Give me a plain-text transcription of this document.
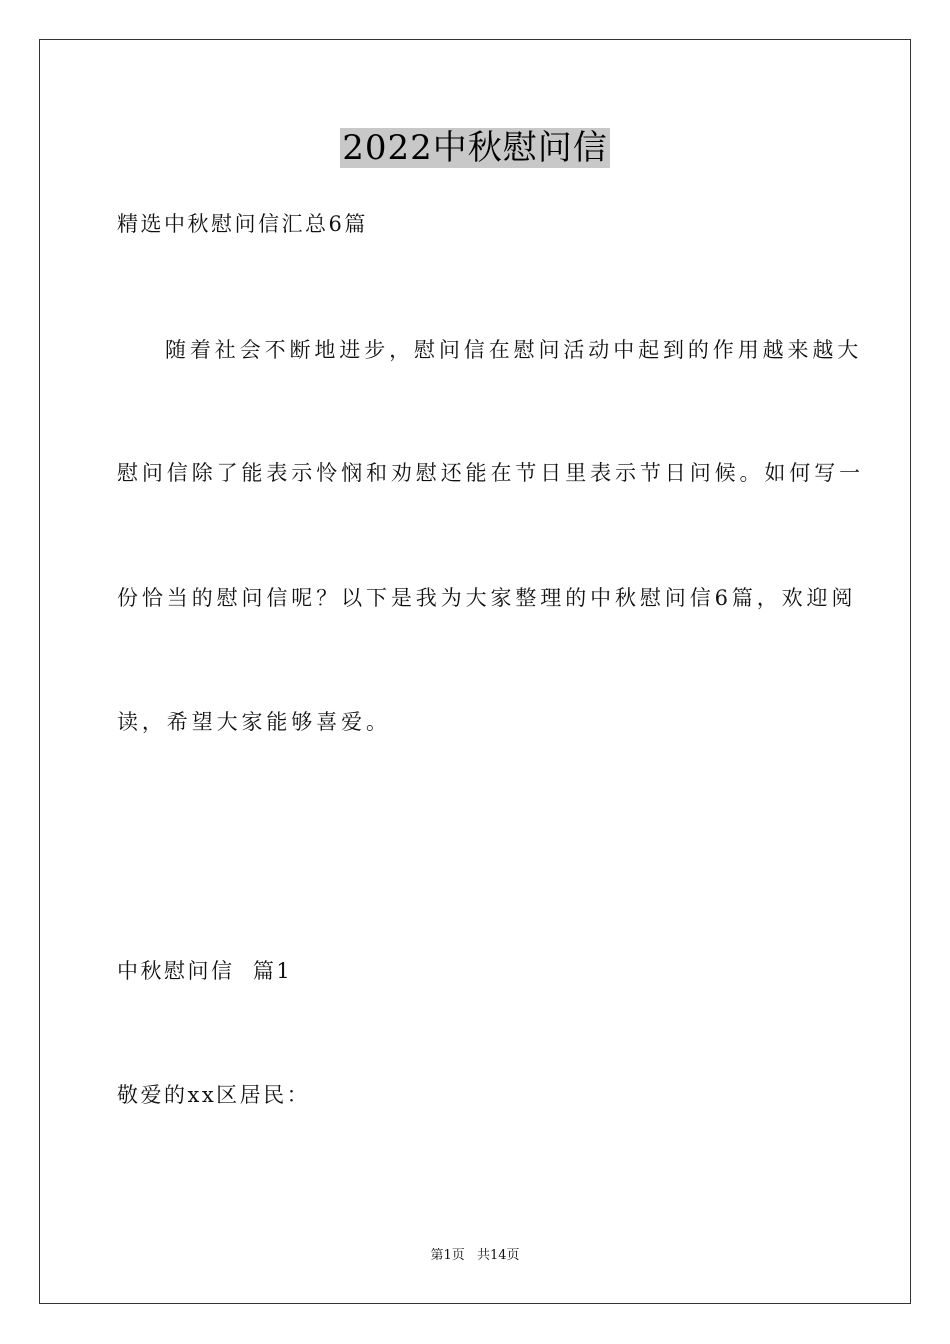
2022中秋慰问信
精选中秋慰问信汇总6篇
随着社会不断地进步，慰问信在慰问活动中起到的作用越来越大
慰问信除了能表示怜悯和劝慰还能在节日里表示节日问候。如何写一
份恰当的慰问信呢？以下是我为大家整理的中秋慰问信6篇，欢迎阅
读，希望大家能够喜爱。
中秋慰问信  篇1
敬爱的xx区居民：
第1页 共14页
